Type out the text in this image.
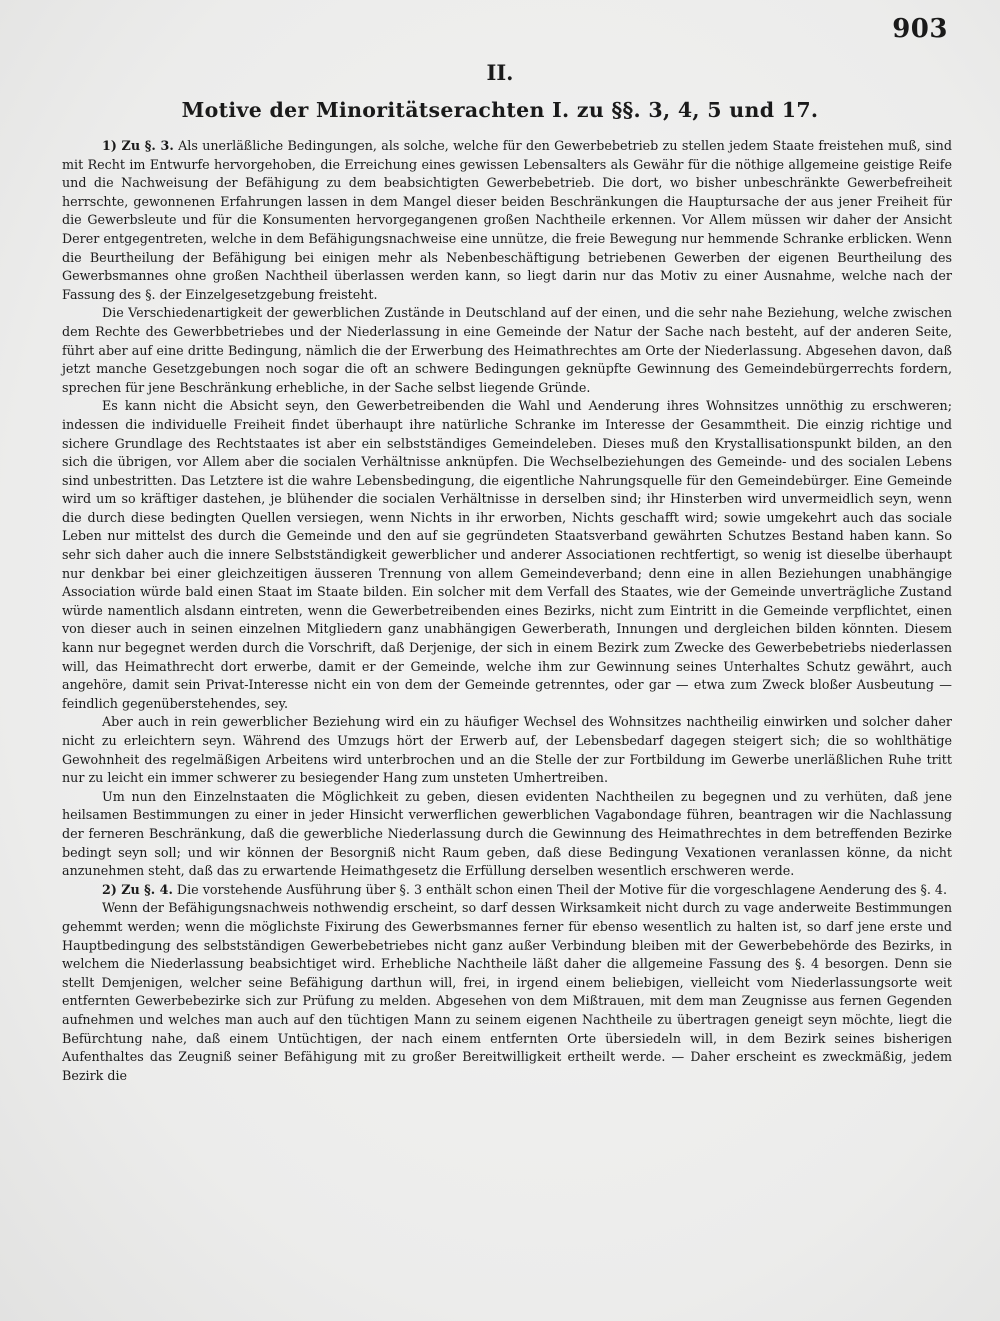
903
II.
Motive der Minoritätserachten I. zu §§. 3, 4, 5 und 17.

1) Zu §. 3. Als unerläßliche Bedingungen, als solche, welche für den Gewerbebetrieb zu stellen jedem Staate freistehen muß, sind mit Recht im Entwurfe hervorgehoben, die Erreichung eines gewissen Lebensalters als Gewähr für die nöthige allgemeine geistige Reife und die Nachweisung der Befähigung zu dem beabsichtigten Gewerbebetrieb. Die dort, wo bisher unbeschränkte Gewerbefreiheit herrschte, gewonnenen Erfahrungen lassen in dem Mangel dieser beiden Beschränkungen die Hauptursache der aus jener Freiheit für die Gewerbsleute und für die Konsumenten hervorgegangenen großen Nachtheile erkennen. Vor Allem müssen wir daher der Ansicht Derer entgegentreten, welche in dem Befähigungsnachweise eine unnütze, die freie Bewegung nur hemmende Schranke erblicken. Wenn die Beurtheilung der Befähigung bei einigen mehr als Nebenbeschäftigung betriebenen Gewerben der eigenen Beurtheilung des Gewerbsmannes ohne großen Nachtheil überlassen werden kann, so liegt darin nur das Motiv zu einer Ausnahme, welche nach der Fassung des §. der Einzelgesetzgebung freisteht.

Die Verschiedenartigkeit der gewerblichen Zustände in Deutschland auf der einen, und die sehr nahe Beziehung, welche zwischen dem Rechte des Gewerbbetriebes und der Niederlassung in eine Gemeinde der Natur der Sache nach besteht, auf der anderen Seite, führt aber auf eine dritte Bedingung, nämlich die der Erwerbung des Heimathrechtes am Orte der Niederlassung. Abgesehen davon, daß jetzt manche Gesetzgebungen noch sogar die oft an schwere Bedingungen geknüpfte Gewinnung des Gemeindebürgerrechts fordern, sprechen für jene Beschränkung erhebliche, in der Sache selbst liegende Gründe.

Es kann nicht die Absicht seyn, den Gewerbetreibenden die Wahl und Aenderung ihres Wohnsitzes unnöthig zu erschweren; indessen die individuelle Freiheit findet überhaupt ihre natürliche Schranke im Interesse der Gesammtheit. Die einzig richtige und sichere Grundlage des Rechtstaates ist aber ein selbstständiges Gemeindeleben. Dieses muß den Krystallisationspunkt bilden, an den sich die übrigen, vor Allem aber die socialen Verhältnisse anknüpfen. Die Wechselbeziehungen des Gemeinde- und des socialen Lebens sind unbestritten. Das Letztere ist die wahre Lebensbedingung, die eigentliche Nahrungsquelle für den Gemeindebürger. Eine Gemeinde wird um so kräftiger dastehen, je blühender die socialen Verhältnisse in derselben sind; ihr Hinsterben wird unvermeidlich seyn, wenn die durch diese bedingten Quellen versiegen, wenn Nichts in ihr erworben, Nichts geschafft wird; sowie umgekehrt auch das sociale Leben nur mittelst des durch die Gemeinde und den auf sie gegründeten Staatsverband gewährten Schutzes Bestand haben kann. So sehr sich daher auch die innere Selbstständigkeit gewerblicher und anderer Associationen rechtfertigt, so wenig ist dieselbe überhaupt nur denkbar bei einer gleichzeitigen äusseren Trennung von allem Gemeindeverband; denn eine in allen Beziehungen unabhängige Association würde bald einen Staat im Staate bilden. Ein solcher mit dem Verfall des Staates, wie der Gemeinde unverträgliche Zustand würde namentlich alsdann eintreten, wenn die Gewerbetreibenden eines Bezirks, nicht zum Eintritt in die Gemeinde verpflichtet, einen von dieser auch in seinen einzelnen Mitgliedern ganz unabhängigen Gewerberath, Innungen und dergleichen bilden könnten. Diesem kann nur begegnet werden durch die Vorschrift, daß Derjenige, der sich in einem Bezirk zum Zwecke des Gewerbebetriebs niederlassen will, das Heimathrecht dort erwerbe, damit er der Gemeinde, welche ihm zur Gewinnung seines Unterhaltes Schutz gewährt, auch angehöre, damit sein Privat-Interesse nicht ein von dem der Gemeinde getrenntes, oder gar — etwa zum Zweck bloßer Ausbeutung — feindlich gegenüberstehendes, sey.

Aber auch in rein gewerblicher Beziehung wird ein zu häufiger Wechsel des Wohnsitzes nachtheilig einwirken und solcher daher nicht zu erleichtern seyn. Während des Umzugs hört der Erwerb auf, der Lebensbedarf dagegen steigert sich; die so wohlthätige Gewohnheit des regelmäßigen Arbeitens wird unterbrochen und an die Stelle der zur Fortbildung im Gewerbe unerläßlichen Ruhe tritt nur zu leicht ein immer schwerer zu besiegender Hang zum unsteten Umhertreiben.

Um nun den Einzelnstaaten die Möglichkeit zu geben, diesen evidenten Nachtheilen zu begegnen und zu verhüten, daß jene heilsamen Bestimmungen zu einer in jeder Hinsicht verwerflichen gewerblichen Vagabondage führen, beantragen wir die Nachlassung der ferneren Beschränkung, daß die gewerbliche Niederlassung durch die Gewinnung des Heimathrechtes in dem betreffenden Bezirke bedingt seyn soll; und wir können der Besorgniß nicht Raum geben, daß diese Bedingung Vexationen veranlassen könne, da nicht anzunehmen steht, daß das zu erwartende Heimathgesetz die Erfüllung derselben wesentlich erschweren werde.

2) Zu §. 4. Die vorstehende Ausführung über §. 3 enthält schon einen Theil der Motive für die vorgeschlagene Aenderung des §. 4.

Wenn der Befähigungsnachweis nothwendig erscheint, so darf dessen Wirksamkeit nicht durch zu vage anderweite Bestimmungen gehemmt werden; wenn die möglichste Fixirung des Gewerbsmannes ferner für ebenso wesentlich zu halten ist, so darf jene erste und Hauptbedingung des selbstständigen Gewerbebetriebes nicht ganz außer Verbindung bleiben mit der Gewerbebehörde des Bezirks, in welchem die Niederlassung beabsichtiget wird. Erhebliche Nachtheile läßt daher die allgemeine Fassung des §. 4 besorgen. Denn sie stellt Demjenigen, welcher seine Befähigung darthun will, frei, in irgend einem beliebigen, vielleicht vom Niederlassungsorte weit entfernten Gewerbebezirke sich zur Prüfung zu melden. Abgesehen von dem Mißtrauen, mit dem man Zeugnisse aus fernen Gegenden aufnehmen und welches man auch auf den tüchtigen Mann zu seinem eigenen Nachtheile zu übertragen geneigt seyn möchte, liegt die Befürchtung nahe, daß einem Untüchtigen, der nach einem entfernten Orte übersiedeln will, in dem Bezirk seines bisherigen Aufenthaltes das Zeugniß seiner Befähigung mit zu großer Bereitwilligkeit ertheilt werde. — Daher erscheint es zweckmäßig, jedem Bezirk die
